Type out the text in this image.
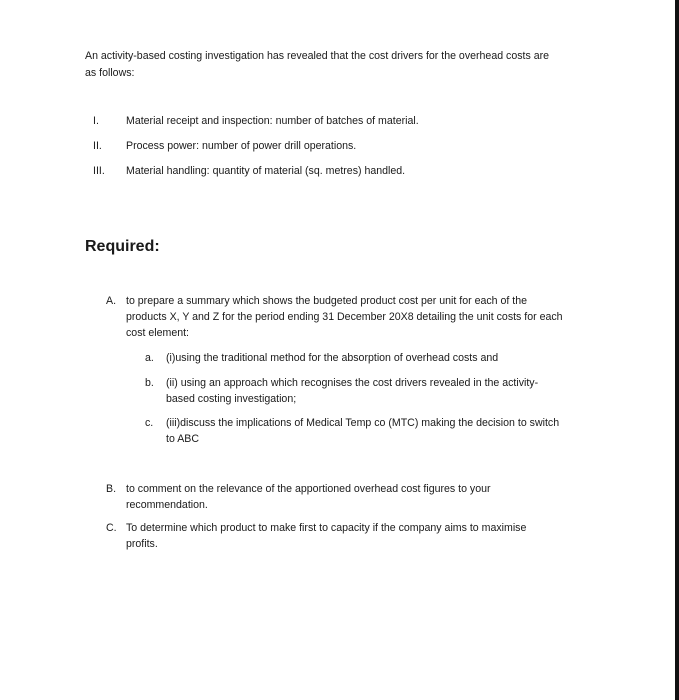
An activity-based costing investigation has revealed that the cost drivers for the overhead costs are
as follows:
I.	Material receipt and inspection: number of batches of material.
II. Process power: number of power drill operations.
III. Material handling: quantity of material (sq. metres) handled.
Required:
A. to prepare a summary which shows the budgeted product cost per unit for each of the
products X, Y and Z for the period ending 31 December 20X8 detailing the unit costs for each
cost element:
a. (i)using the traditional method for the absorption of overhead costs and
b. (ii) using an approach which recognises the cost drivers revealed in the activity-
based costing investigation;
c. (iii)discuss the implications of Medical Temp co (MTC) making the decision to switch
to ABC
B. to comment on the relevance of the apportioned overhead cost figures to your
recommendation.
C. To determine which product to make first to capacity if the company aims to maximise
profits.
